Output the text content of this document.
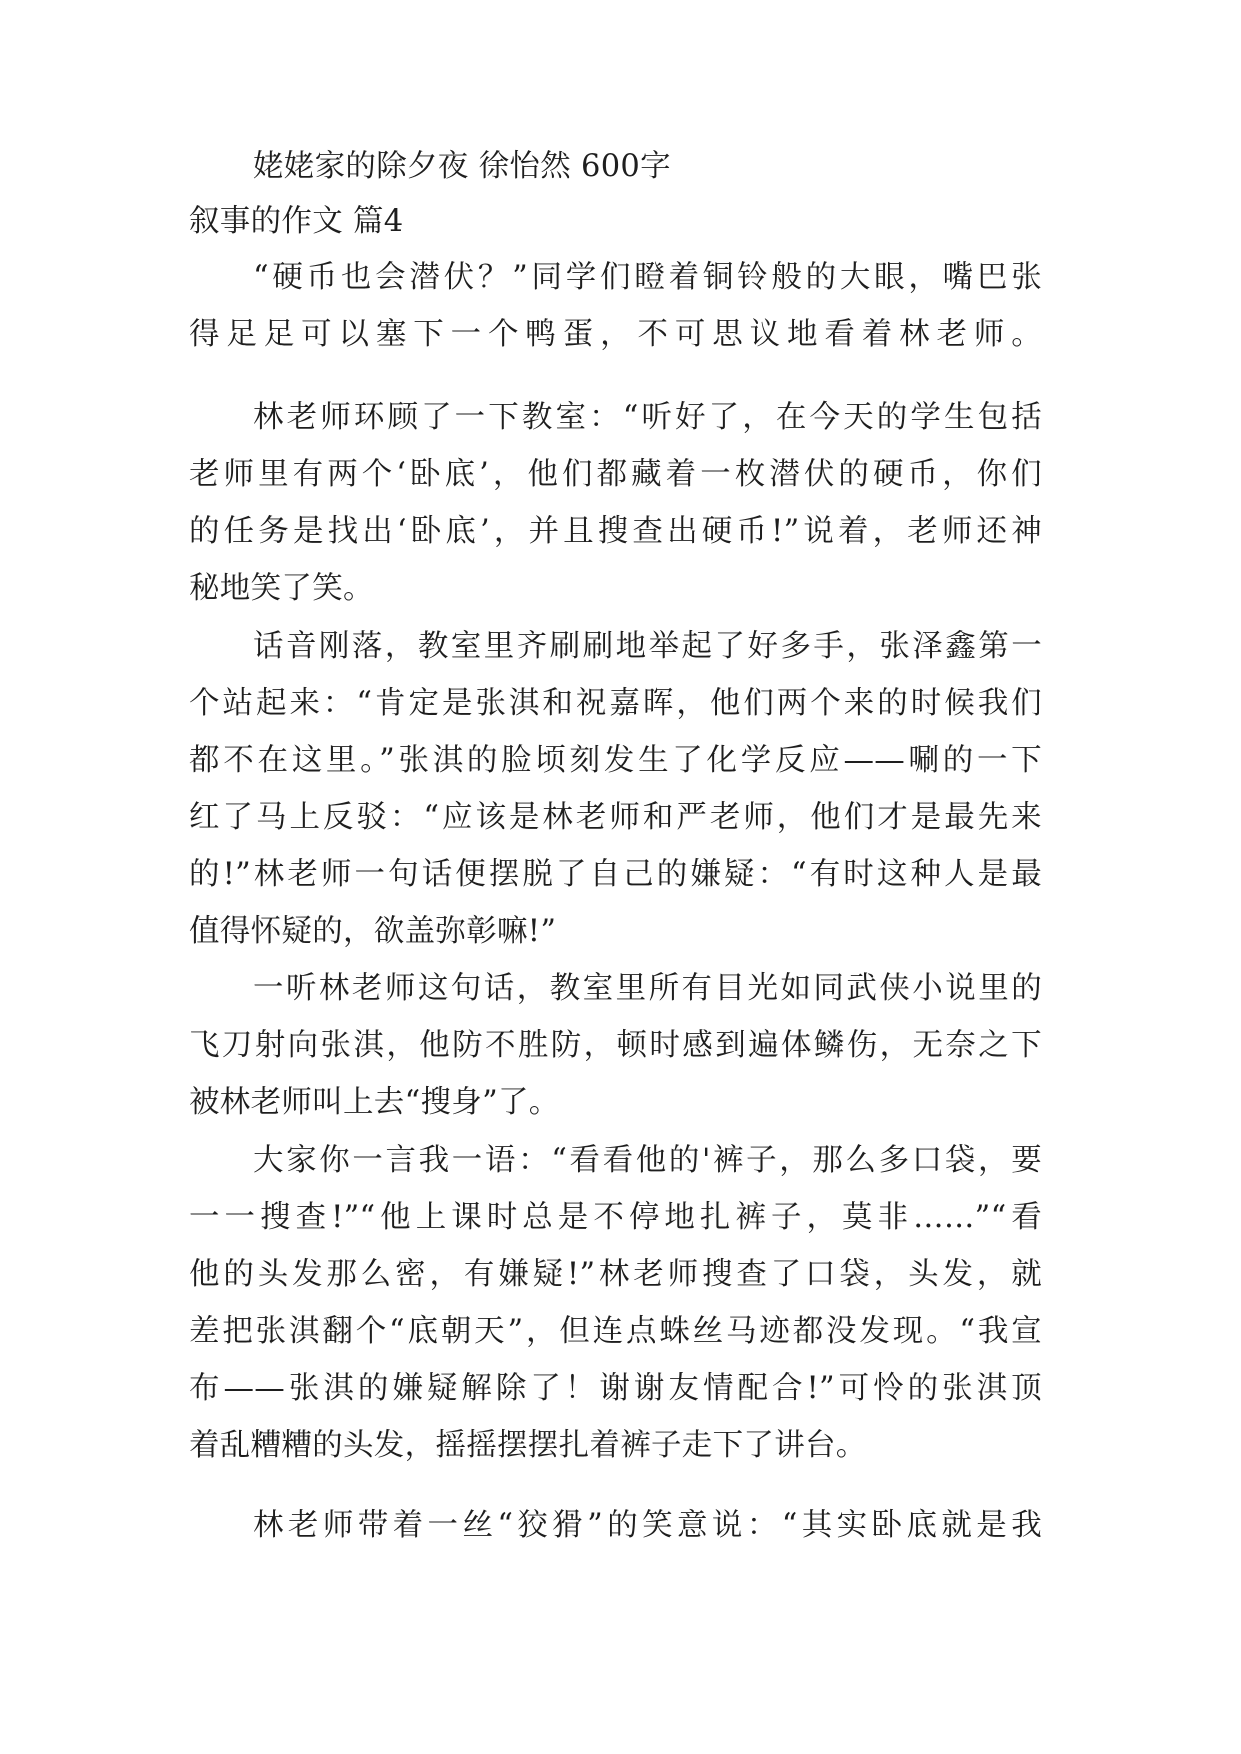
姥姥家的除夕夜 徐怡然 600字
叙事的作文 篇4
“硬币也会潜伏？”同学们瞪着铜铃般的大眼，嘴巴张
得足足可以塞下一个鸭蛋，不可思议地看着林老师。
林老师环顾了一下教室：“听好了，在今天的学生包括
老师里有两个‘卧底’，他们都藏着一枚潜伏的硬币，你们
的任务是找出‘卧底’，并且搜查出硬币!”说着，老师还神
秘地笑了笑。
话音刚落，教室里齐刷刷地举起了好多手，张泽鑫第一
个站起来：“肯定是张淇和祝嘉晖，他们两个来的时候我们
都不在这里。”张淇的脸顷刻发生了化学反应——唰的一下
红了马上反驳：“应该是林老师和严老师，他们才是最先来
的!”林老师一句话便摆脱了自己的嫌疑：“有时这种人是最
值得怀疑的，欲盖弥彰嘛!”
一听林老师这句话，教室里所有目光如同武侠小说里的
飞刀射向张淇，他防不胜防，顿时感到遍体鳞伤，无奈之下
被林老师叫上去“搜身”了。
大家你一言我一语：“看看他的'裤子，那么多口袋，要
一一搜查!”“他上课时总是不停地扎裤子，莫非……”“看
他的头发那么密，有嫌疑!”林老师搜查了口袋，头发，就
差把张淇翻个“底朝天”，但连点蛛丝马迹都没发现。“我宣
布——张淇的嫌疑解除了！谢谢友情配合!”可怜的张淇顶
着乱糟糟的头发，摇摇摆摆扎着裤子走下了讲台。
林老师带着一丝“狡猾”的笑意说：“其实卧底就是我
